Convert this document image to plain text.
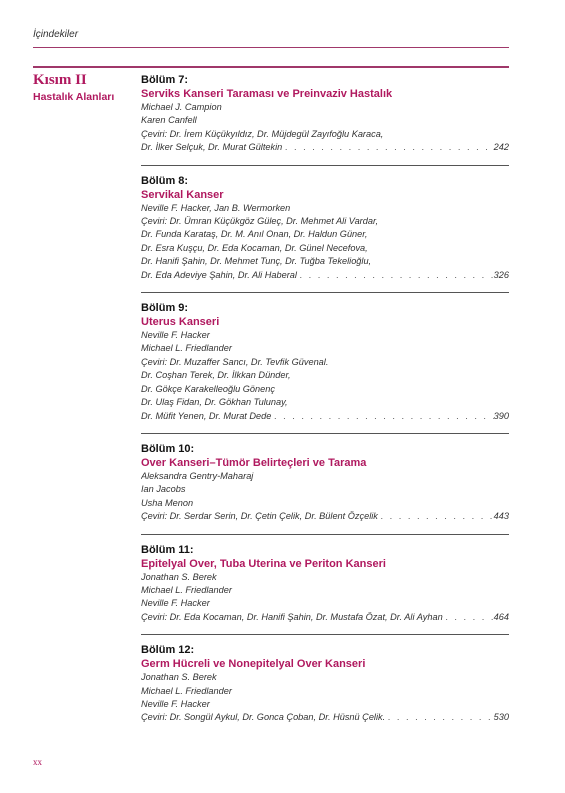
İçindekiler
Kısım II
Hastalık Alanları
Bölüm 7:
Serviks Kanseri Taraması ve Preinvaziv Hastalık
Michael J. Campion
Karen Canfell
Çeviri: Dr. İrem Küçükyıldız, Dr. Müjdegül Zayıfoğlu Karaca,
Dr. İlker Selçuk, Dr. Murat Gültekin . . .	242
Bölüm 8:
Servikal Kanser
Neville F. Hacker, Jan B. Wermorken
Çeviri: Dr. Ümran Küçükgöz Güleç, Dr. Mehmet Ali Vardar,
Dr. Funda Karataş, Dr. M. Anıl Onan, Dr. Haldun Güner,
Dr. Esra Kuşçu, Dr. Eda Kocaman, Dr. Günel Necefova,
Dr. Hanifi Şahin, Dr. Mehmet Tunç, Dr. Tuğba Tekelioğlu,
Dr. Eda Adeviye Şahin, Dr. Ali Haberal . . .	326
Bölüm 9:
Uterus Kanseri
Neville F. Hacker
Michael L. Friedlander
Çeviri: Dr. Muzaffer Sancı, Dr. Tevfik Güvenal.
Dr. Coşhan Terek, Dr. İlkkan Dünder,
Dr. Gökçe Karakelleoğlu Gönenç
Dr. Ulaş Fidan, Dr. Gökhan Tulunay,
Dr. Müfit Yenen, Dr. Murat Dede . . .	390
Bölüm 10:
Over Kanseri–Tümör Belirteçleri ve Tarama
Aleksandra Gentry-Maharaj
Ian Jacobs
Usha Menon
Çeviri: Dr. Serdar Serin, Dr. Çetin Çelik, Dr. Bülent Özçelik . . .	443
Bölüm 11:
Epitelyal Over, Tuba Uterina ve Periton Kanseri
Jonathan S. Berek
Michael L. Friedlander
Neville F. Hacker
Çeviri: Dr. Eda Kocaman, Dr. Hanifi Şahin, Dr. Mustafa Özat, Dr. Ali Ayhan . . .	464
Bölüm 12:
Germ Hücreli ve Nonepitelyal Over Kanseri
Jonathan S. Berek
Michael L. Friedlander
Neville F. Hacker
Çeviri: Dr. Songül Aykul, Dr. Gonca Çoban, Dr. Hüsnü Çelik. . . .	530
xx
